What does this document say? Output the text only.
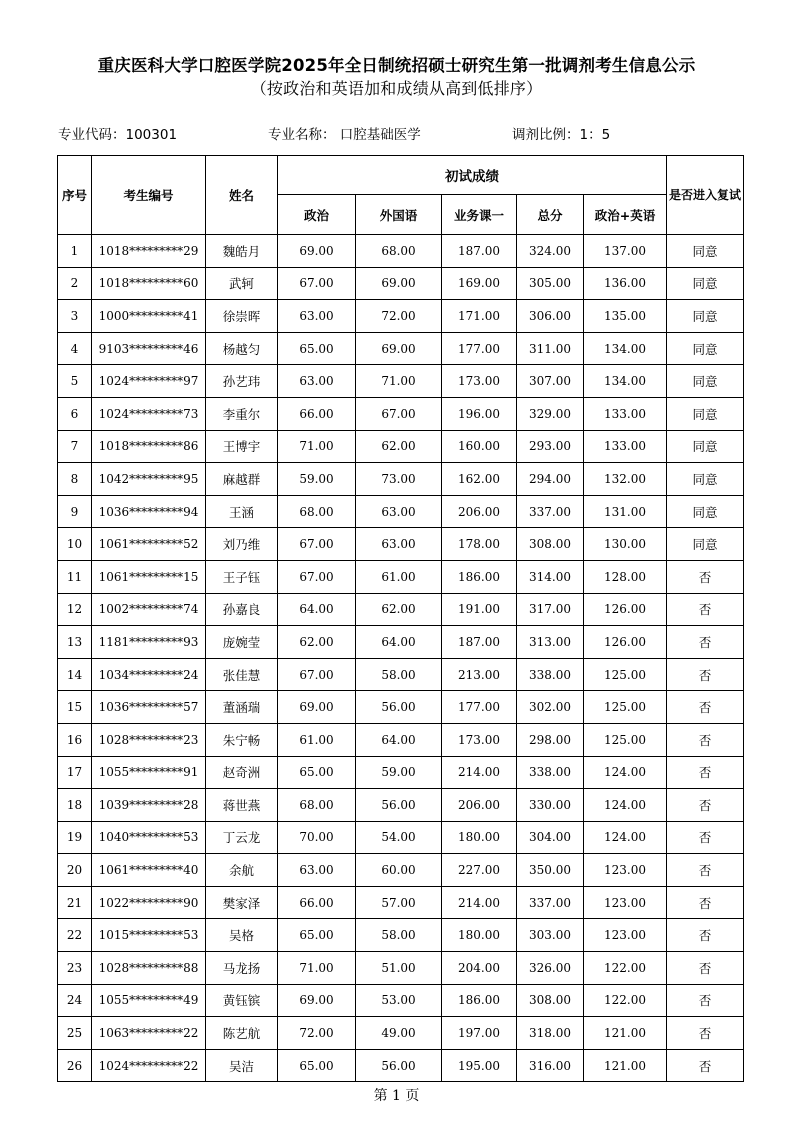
重庆医科大学口腔医学院2025年全日制统招硕士研究生第一批调剂考生信息公示
（按政治和英语加和成绩从高到低排序）
专业代码：100301	专业名称： 口腔基础医学	调剂比例：1：5
序号	考生编号	姓名	初试成绩					是否进入复试
			政治	外国语	业务课一	总分	政治+英语	
1	1018*********29	魏皓月	69.00	68.00	187.00	324.00	137.00	同意
2	1018*********60	武轲	67.00	69.00	169.00	305.00	136.00	同意
3	1000*********41	徐崇晖	63.00	72.00	171.00	306.00	135.00	同意
4	9103*********46	杨越匀	65.00	69.00	177.00	311.00	134.00	同意
5	1024*********97	孙艺玮	63.00	71.00	173.00	307.00	134.00	同意
6	1024*********73	李重尔	66.00	67.00	196.00	329.00	133.00	同意
7	1018*********86	王博宇	71.00	62.00	160.00	293.00	133.00	同意
8	1042*********95	麻越群	59.00	73.00	162.00	294.00	132.00	同意
9	1036*********94	王涵	68.00	63.00	206.00	337.00	131.00	同意
10	1061*********52	刘乃维	67.00	63.00	178.00	308.00	130.00	同意
11	1061*********15	王子钰	67.00	61.00	186.00	314.00	128.00	否
12	1002*********74	孙嘉良	64.00	62.00	191.00	317.00	126.00	否
13	1181*********93	庞婉莹	62.00	64.00	187.00	313.00	126.00	否
14	1034*********24	张佳慧	67.00	58.00	213.00	338.00	125.00	否
15	1036*********57	董涵瑞	69.00	56.00	177.00	302.00	125.00	否
16	1028*********23	朱宁畅	61.00	64.00	173.00	298.00	125.00	否
17	1055*********91	赵奇洲	65.00	59.00	214.00	338.00	124.00	否
18	1039*********28	蒋世燕	68.00	56.00	206.00	330.00	124.00	否
19	1040*********53	丁云龙	70.00	54.00	180.00	304.00	124.00	否
20	1061*********40	余航	63.00	60.00	227.00	350.00	123.00	否
21	1022*********90	樊家泽	66.00	57.00	214.00	337.00	123.00	否
22	1015*********53	吴格	65.00	58.00	180.00	303.00	123.00	否
23	1028*********88	马龙扬	71.00	51.00	204.00	326.00	122.00	否
24	1055*********49	黄钰镔	69.00	53.00	186.00	308.00	122.00	否
25	1063*********22	陈艺航	72.00	49.00	197.00	318.00	121.00	否
26	1024*********22	吴洁	65.00	56.00	195.00	316.00	121.00	否
第 1 页
